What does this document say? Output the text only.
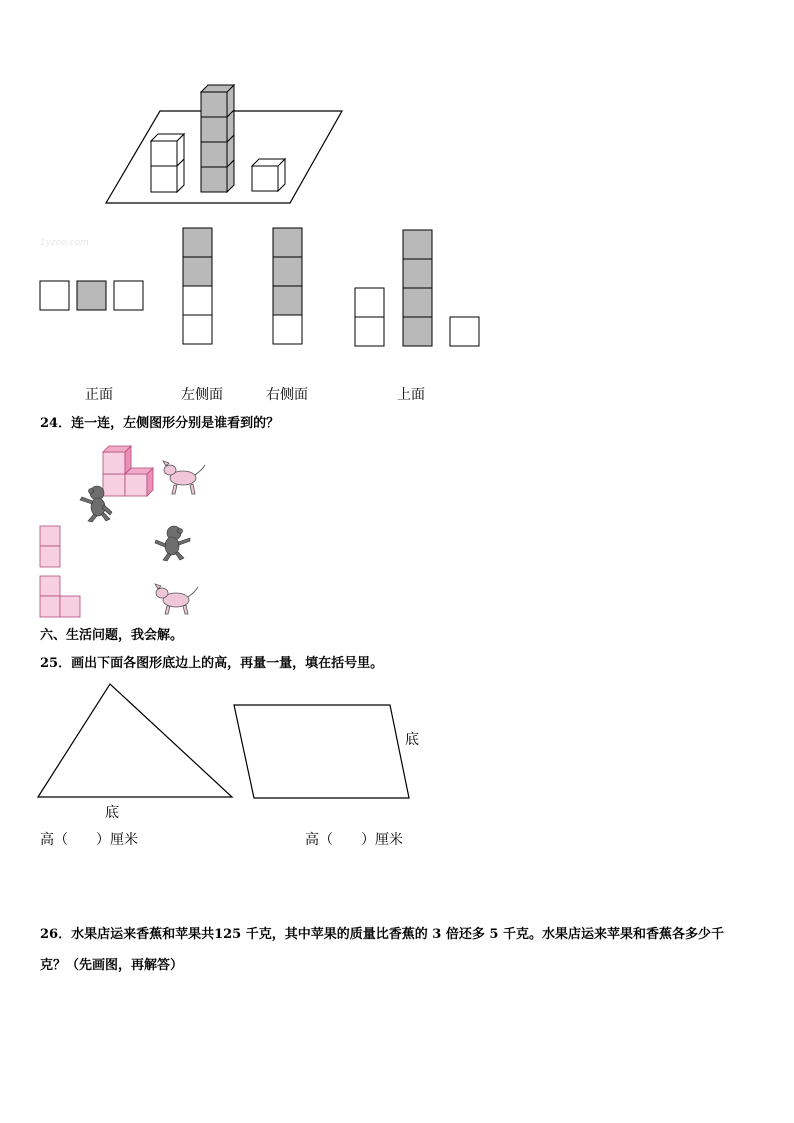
1yzoo.com
正面	左侧面	右侧面	上面
24．连一连，左侧图形分别是谁看到的？
六、生活问题，我会解。
25．画出下面各图形底边上的高，再量一量，填在括号里。
底
底
高（　　）厘米	高（　　）厘米
26．水果店运来香蕉和苹果共125 千克，其中苹果的质量比香蕉的 3 倍还多 5 千克。水果店运来苹果和香蕉各多少千
克？（先画图，再解答）
